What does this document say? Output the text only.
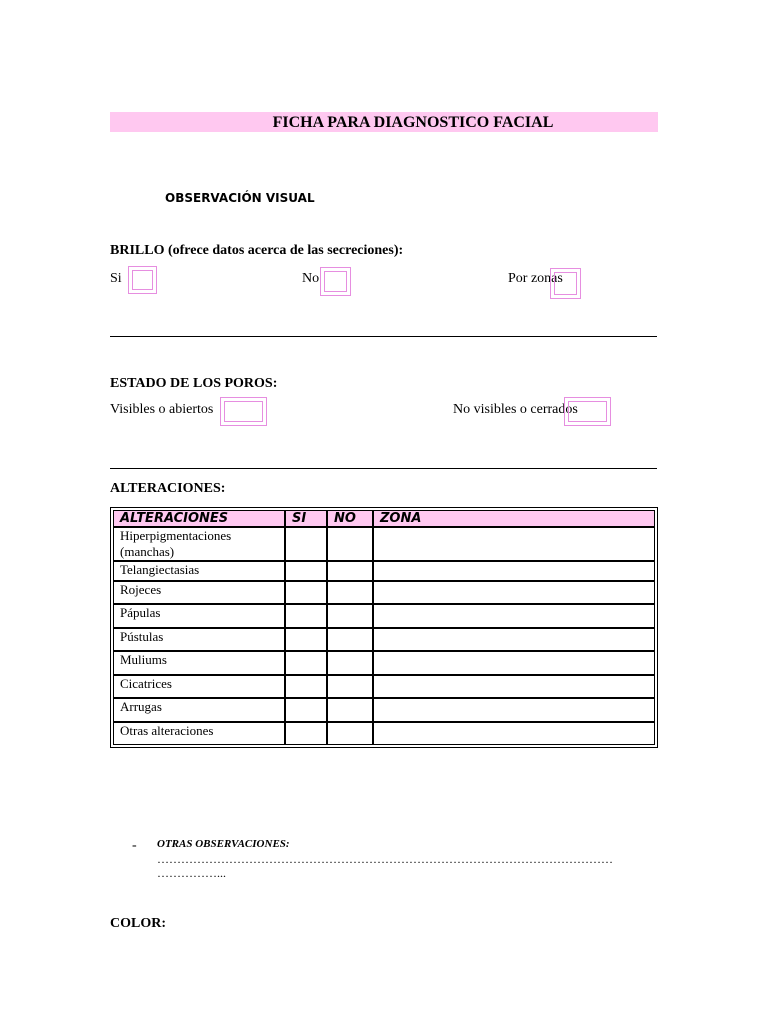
FICHA PARA DIAGNOSTICO FACIAL
OBSERVACIÓN VISUAL
BRILLO (ofrece datos acerca de las secreciones):
Si	No	Por zonas
ESTADO DE LOS POROS:
Visibles o abiertos	No visibles o cerrados
ALTERACIONES:
ALTERACIONES	SI	NO	ZONA
Hiperpigmentaciones (manchas)			
Telangiectasias			
Rojeces			
Pápulas			
Pústulas			
Muliums			
Cicatrices			
Arrugas			
Otras alteraciones			
- OTRAS OBSERVACIONES:
……………………………………………………………………………………………………
……………...
COLOR:
